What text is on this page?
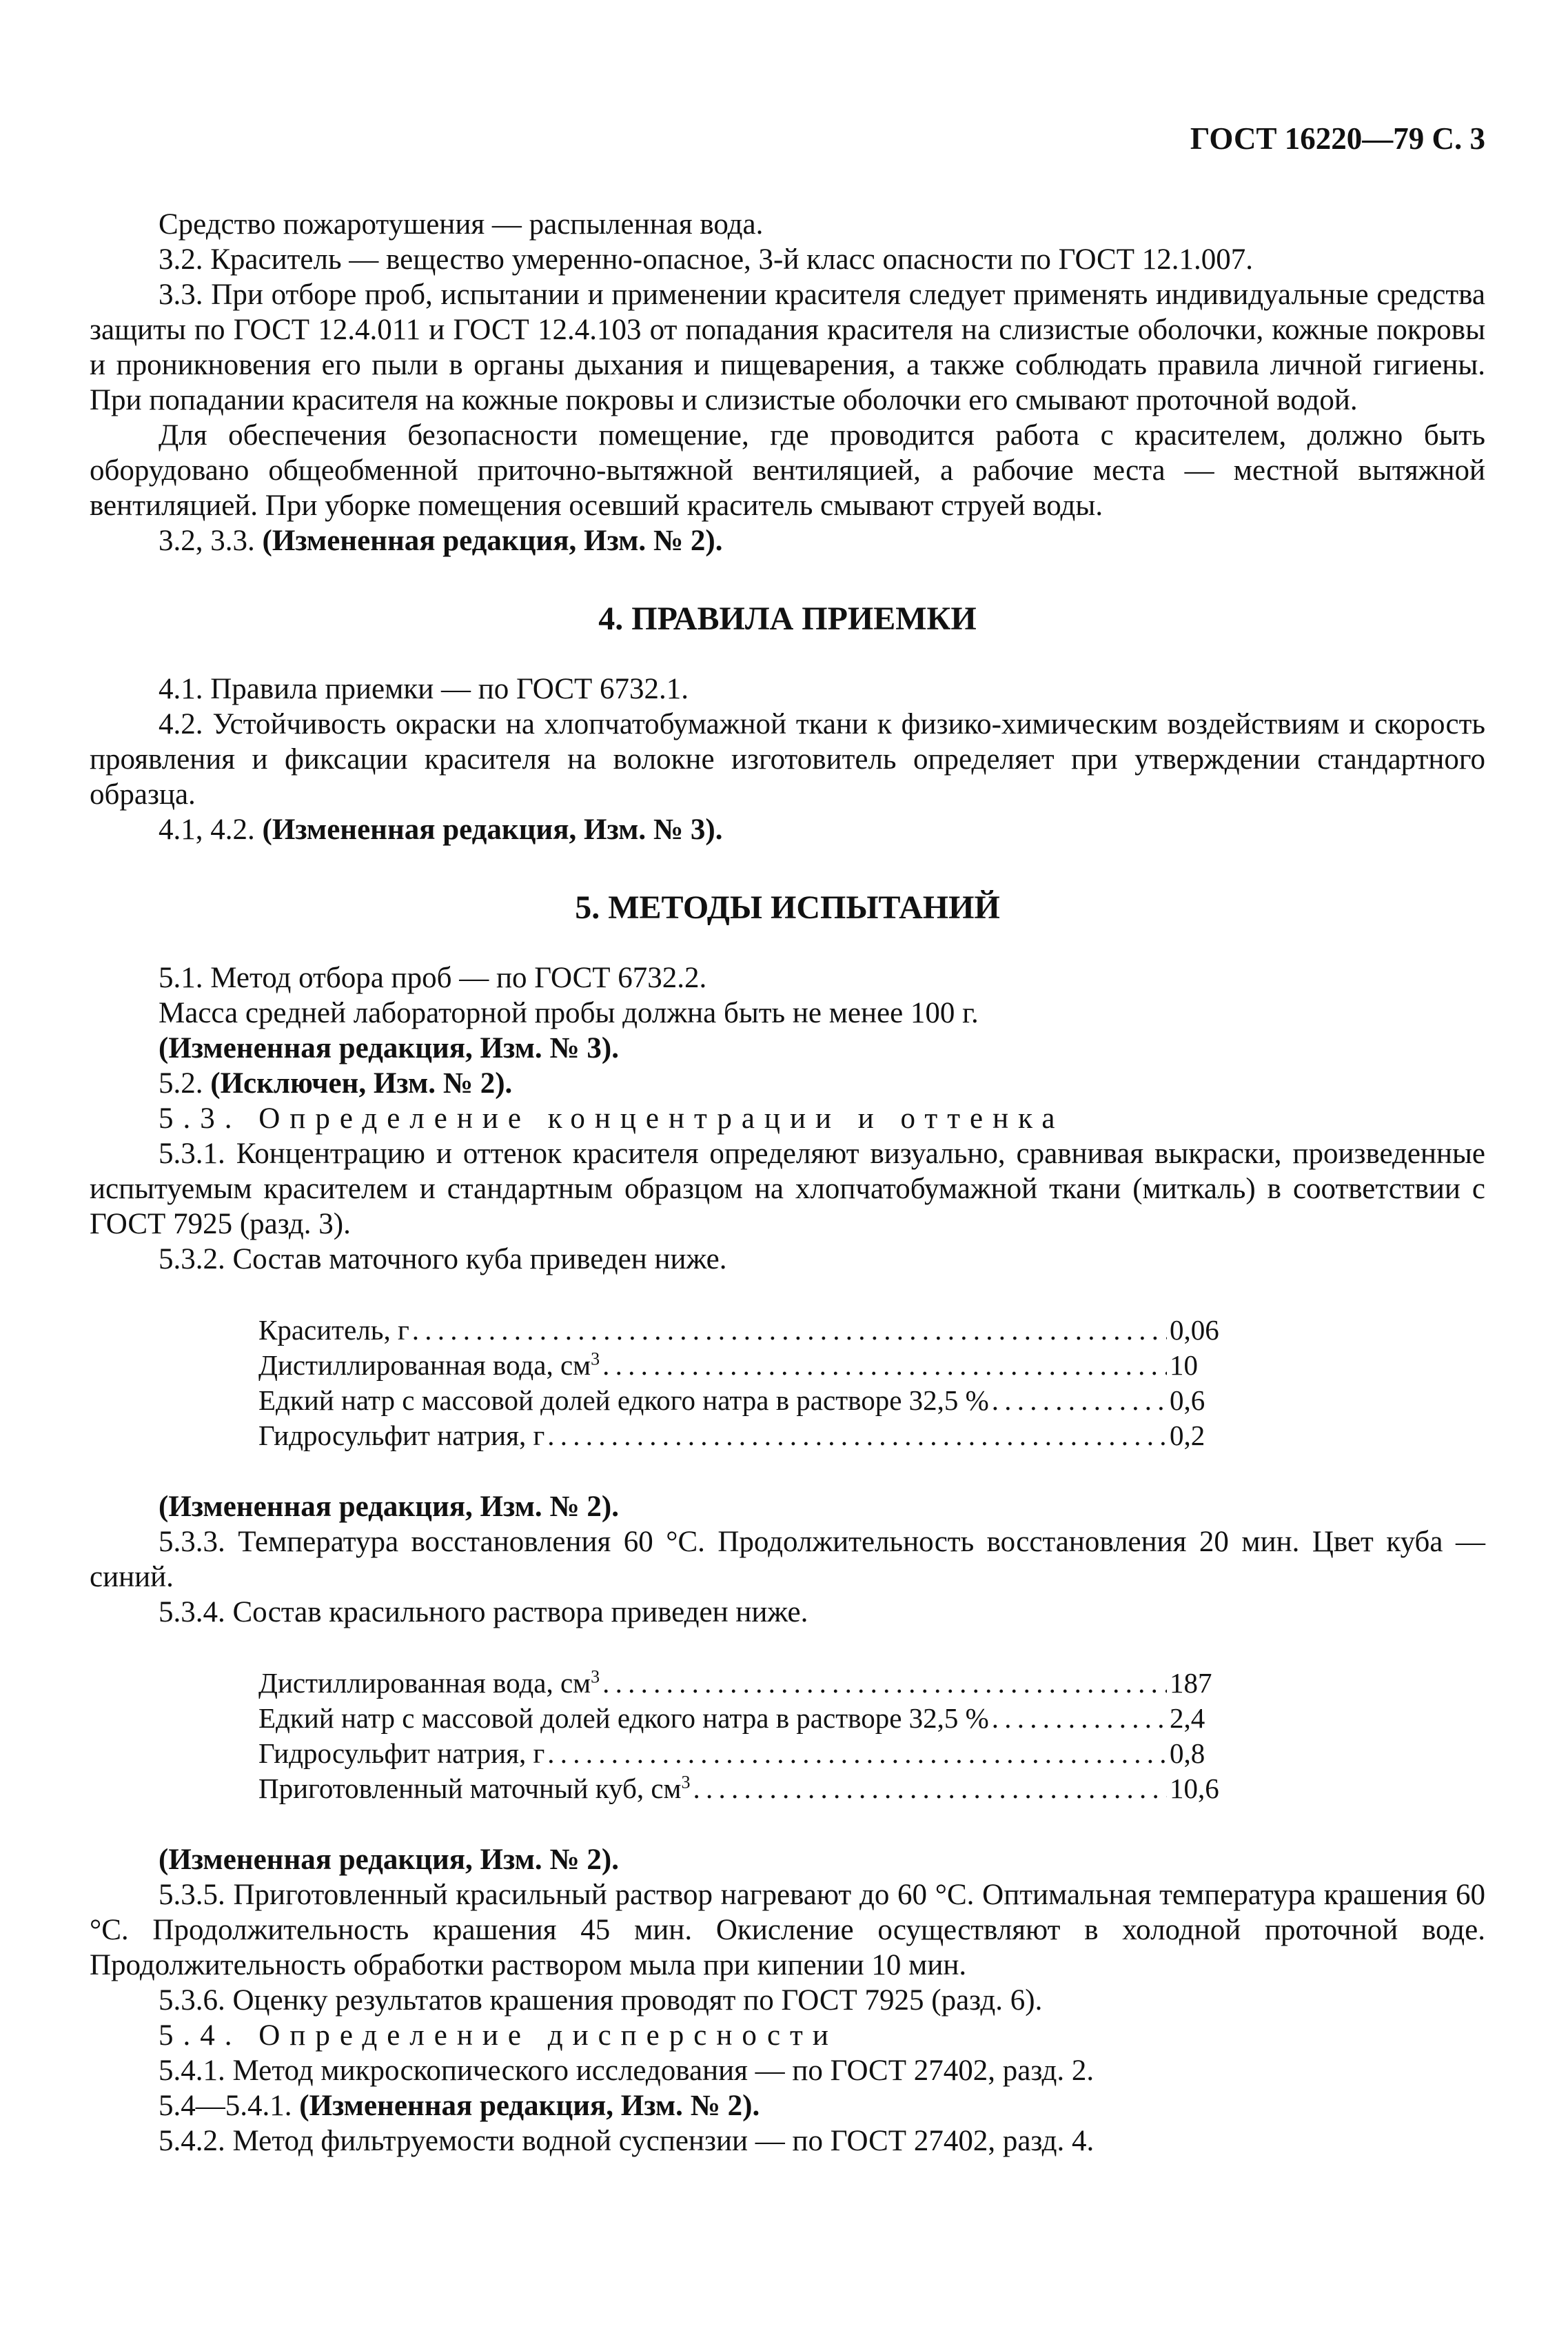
ГОСТ 16220—79 С. 3

Средство пожаротушения — распыленная вода.

3.2. Краситель — вещество умеренно-опасное, 3-й класс опасности по ГОСТ 12.1.007.

3.3. При отборе проб, испытании и применении красителя следует применять индивидуальные средства защиты по ГОСТ 12.4.011 и ГОСТ 12.4.103 от попадания красителя на слизистые оболочки, кожные покровы и проникновения его пыли в органы дыхания и пищеварения, а также соблюдать правила личной гигиены. При попадании красителя на кожные покровы и слизистые оболочки его смывают проточной водой.

Для обеспечения безопасности помещение, где проводится работа с красителем, должно быть оборудовано общеобменной приточно-вытяжной вентиляцией, а рабочие места — местной вытяжной вентиляцией. При уборке помещения осевший краситель смывают струей воды.

3.2, 3.3. (Измененная редакция, Изм. № 2).

4. ПРАВИЛА ПРИЕМКИ

4.1. Правила приемки — по ГОСТ 6732.1.

4.2. Устойчивость окраски на хлопчатобумажной ткани к физико-химическим воздействиям и скорость проявления и фиксации красителя на волокне изготовитель определяет при утверждении стандартного образца.

4.1, 4.2. (Измененная редакция, Изм. № 3).

5. МЕТОДЫ ИСПЫТАНИЙ

5.1. Метод отбора проб — по ГОСТ 6732.2.

Масса средней лабораторной пробы должна быть не менее 100 г.

(Измененная редакция, Изм. № 3).

5.2. (Исключен, Изм. № 2).

5.3. Определение концентрации и оттенка

5.3.1. Концентрацию и оттенок красителя определяют визуально, сравнивая выкраски, произведенные испытуемым красителем и стандартным образцом на хлопчатобумажной ткани (миткаль) в соответствии с ГОСТ 7925 (разд. 3).

5.3.2. Состав маточного куба приведен ниже.

Краситель, г . . .	0,06
Дистиллированная вода, $см^3$ . . .	10
Едкий натр с массовой долей едкого натра в растворе 32,5 % . . .	0,6
Гидросульфит натрия, г . . .	0,2

(Измененная редакция, Изм. № 2).

5.3.3. Температура восстановления 60 °С. Продолжительность восстановления 20 мин. Цвет куба — синий.

5.3.4. Состав красильного раствора приведен ниже.

Дистиллированная вода, $см^3$ . . .	187
Едкий натр с массовой долей едкого натра в растворе 32,5 % . . .	2,4
Гидросульфит натрия, г . . .	0,8
Приготовленный маточный куб, $см^3$ . . .	10,6

(Измененная редакция, Изм. № 2).

5.3.5. Приготовленный красильный раствор нагревают до 60 °С. Оптимальная температура крашения 60 °С. Продолжительность крашения 45 мин. Окисление осуществляют в холодной проточной воде. Продолжительность обработки раствором мыла при кипении 10 мин.

5.3.6. Оценку результатов крашения проводят по ГОСТ 7925 (разд. 6).

5.4. Определение дисперсности

5.4.1. Метод микроскопического исследования — по ГОСТ 27402, разд. 2.

5.4—5.4.1. (Измененная редакция, Изм. № 2).

5.4.2. Метод фильтруемости водной суспензии — по ГОСТ 27402, разд. 4.
